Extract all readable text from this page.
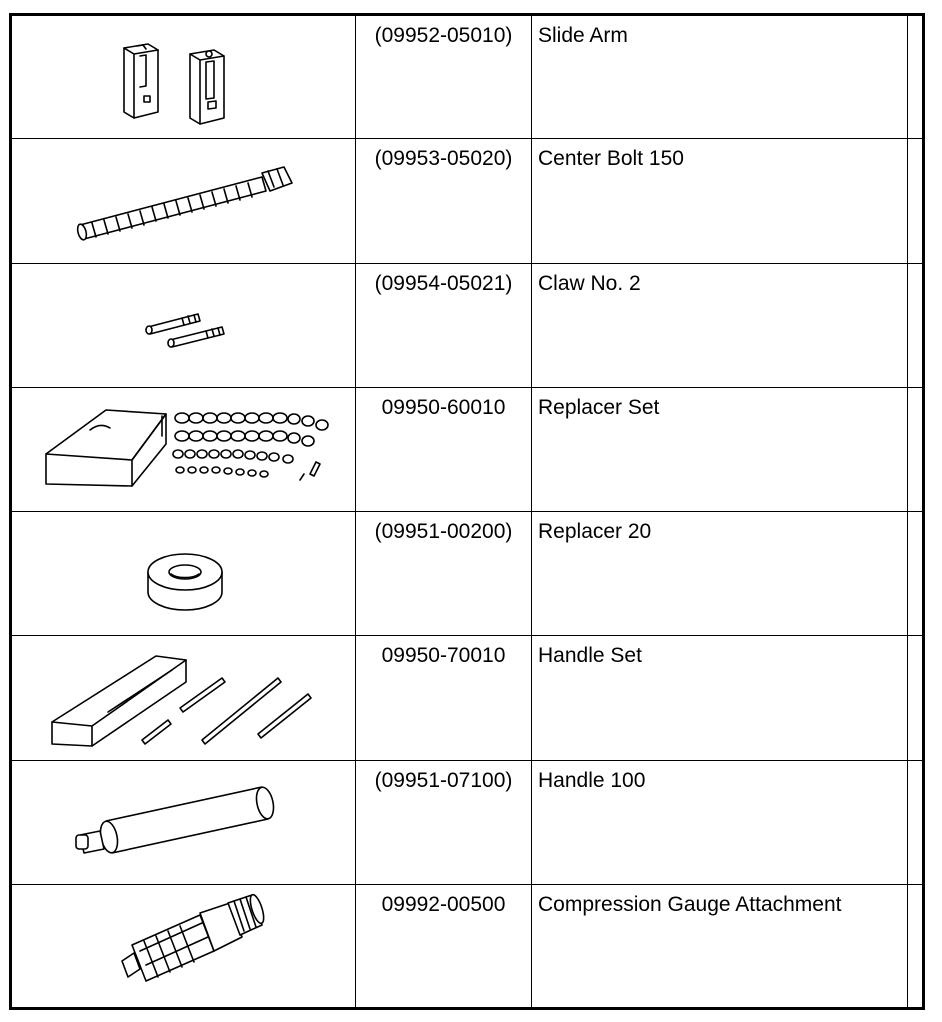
	(09952-05010)	Slide Arm	

	(09953-05020)	Center Bolt 150	

	(09954-05021)	Claw No. 2	

	09950-60010	Replacer Set	

	(09951-00200)	Replacer 20	

	09950-70010	Handle Set	

	(09951-07100)	Handle 100	

	09992-00500	Compression Gauge Attachment	
